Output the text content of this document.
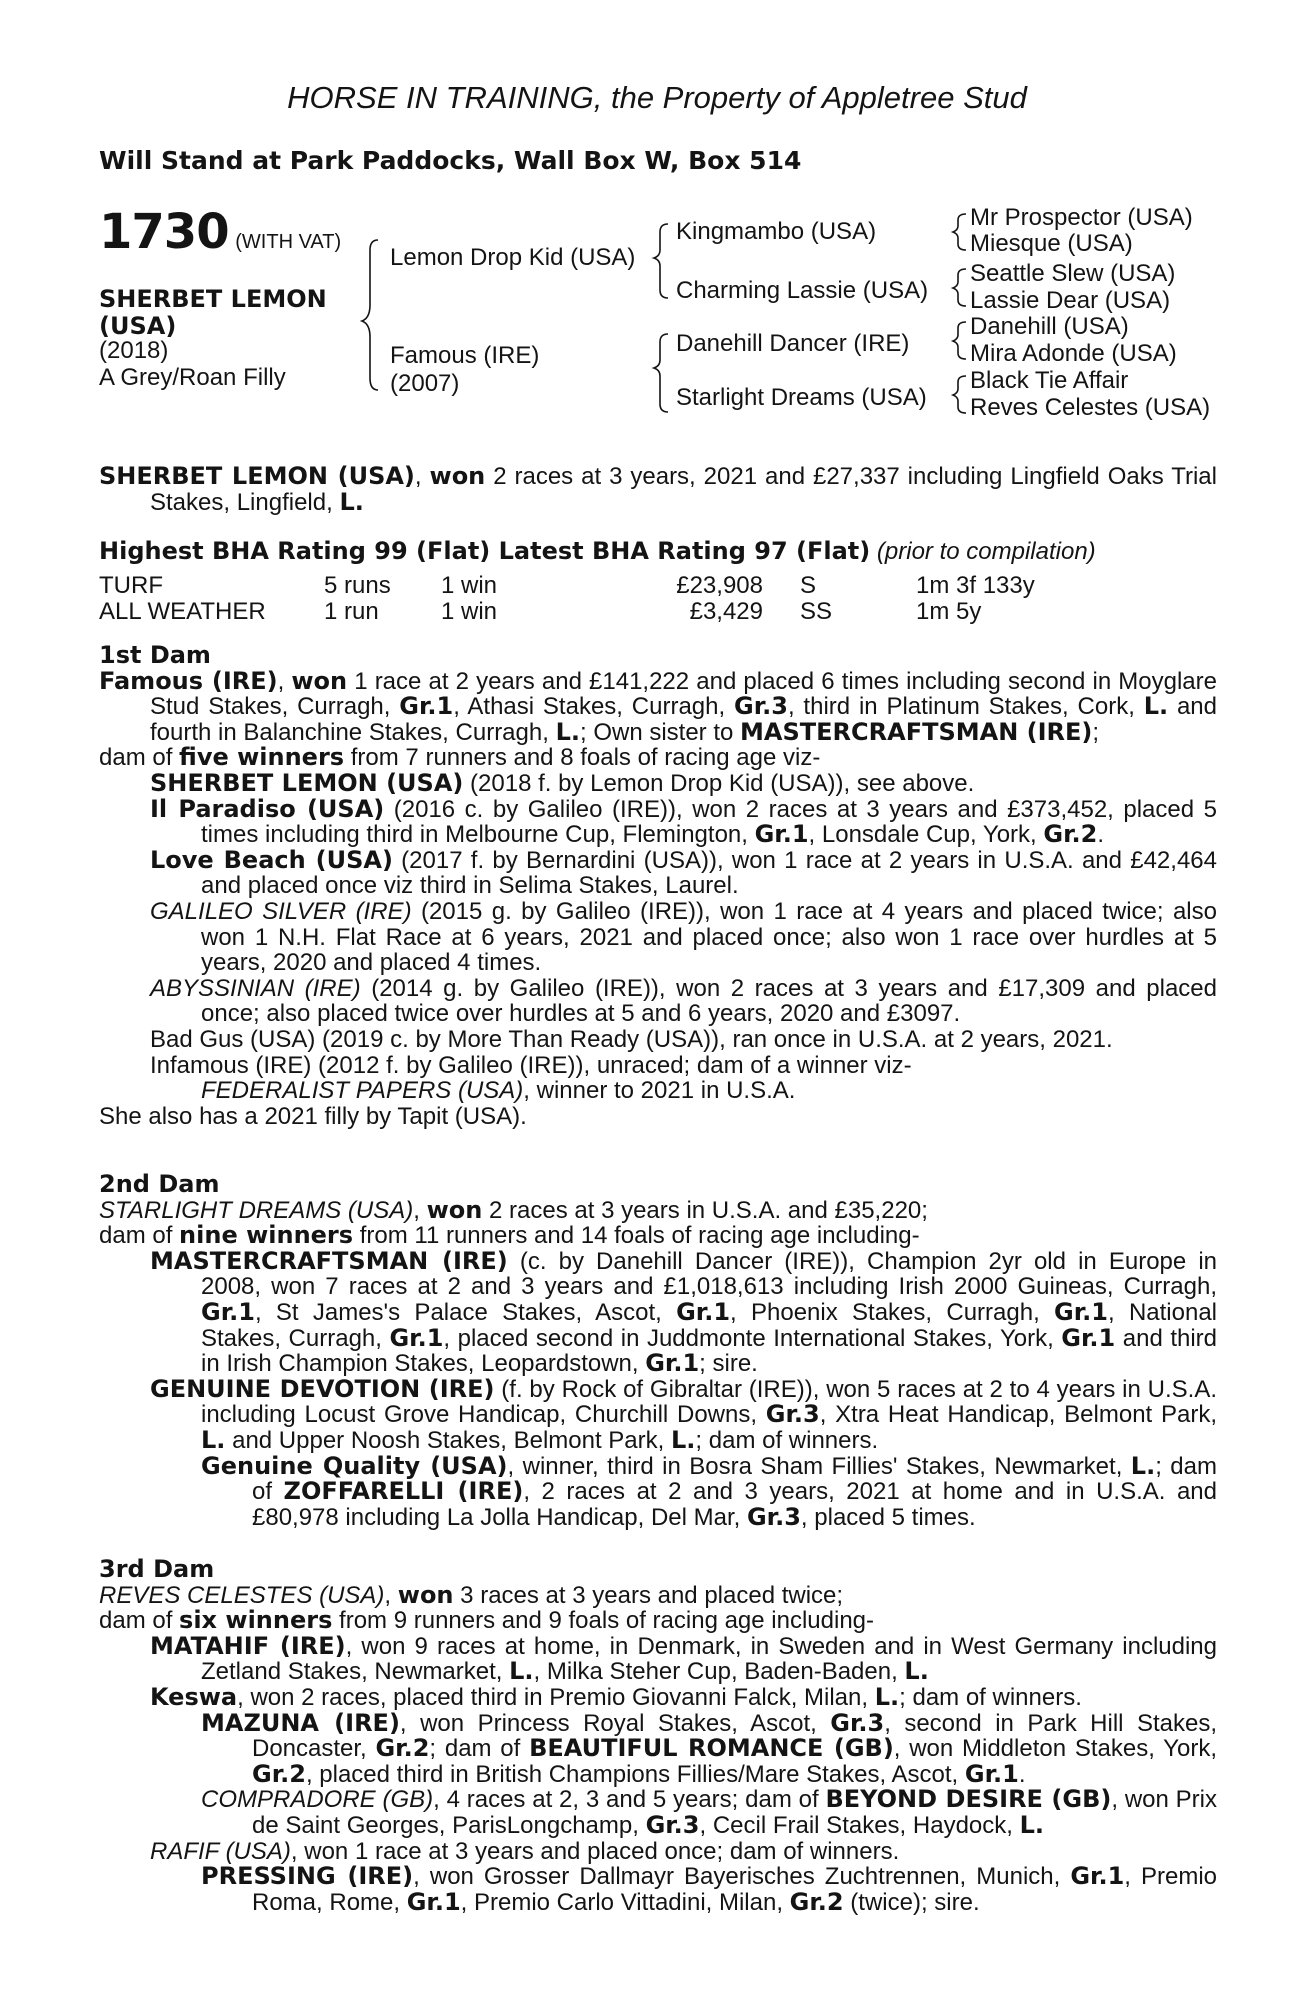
HORSE IN TRAINING, the Property of Appletree Stud
Will Stand at Park Paddocks, Wall Box W, Box 514
1730 (WITH VAT)
SHERBET LEMON
(USA)
(2018)
A Grey/Roan Filly
Lemon Drop Kid (USA)
Famous (IRE)
(2007)
Kingmambo (USA)
Charming Lassie (USA)
Danehill Dancer (IRE)
Starlight Dreams (USA)
Mr Prospector (USA)
Miesque (USA)
Seattle Slew (USA)
Lassie Dear (USA)
Danehill (USA)
Mira Adonde (USA)
Black Tie Affair
Reves Celestes (USA)

SHERBET LEMON (USA), won 2 races at 3 years, 2021 and £27,337 including Lingfield Oaks Trial Stakes, Lingfield, L.

Highest BHA Rating 99 (Flat) Latest BHA Rating 97 (Flat) (prior to compilation)

TURF	5 runs 1 win	£23,908 S	1m 3f 133y
ALL WEATHER 1 run	1 win	£3,429 SS	1m 5y

1st Dam

Famous (IRE), won 1 race at 2 years and £141,222 and placed 6 times including second in Moyglare Stud Stakes, Curragh, Gr.1, Athasi Stakes, Curragh, Gr.3, third in Platinum Stakes, Cork, L. and fourth in Balanchine Stakes, Curragh, L.; Own sister to MASTERCRAFTSMAN (IRE);

dam of five winners from 7 runners and 8 foals of racing age viz-

SHERBET LEMON (USA) (2018 f. by Lemon Drop Kid (USA)), see above.

Il Paradiso (USA) (2016 c. by Galileo (IRE)), won 2 races at 3 years and £373,452, placed 5 times including third in Melbourne Cup, Flemington, Gr.1, Lonsdale Cup, York, Gr.2.

Love Beach (USA) (2017 f. by Bernardini (USA)), won 1 race at 2 years in U.S.A. and £42,464 and placed once viz third in Selima Stakes, Laurel.

GALILEO SILVER (IRE) (2015 g. by Galileo (IRE)), won 1 race at 4 years and placed twice; also won 1 N.H. Flat Race at 6 years, 2021 and placed once; also won 1 race over hurdles at 5 years, 2020 and placed 4 times.

ABYSSINIAN (IRE) (2014 g. by Galileo (IRE)), won 2 races at 3 years and £17,309 and placed once; also placed twice over hurdles at 5 and 6 years, 2020 and £3097.

Bad Gus (USA) (2019 c. by More Than Ready (USA)), ran once in U.S.A. at 2 years, 2021.

Infamous (IRE) (2012 f. by Galileo (IRE)), unraced; dam of a winner viz-

FEDERALIST PAPERS (USA), winner to 2021 in U.S.A.

She also has a 2021 filly by Tapit (USA).

2nd Dam

STARLIGHT DREAMS (USA), won 2 races at 3 years in U.S.A. and £35,220;

dam of nine winners from 11 runners and 14 foals of racing age including-

MASTERCRAFTSMAN (IRE) (c. by Danehill Dancer (IRE)), Champion 2yr old in Europe in 2008, won 7 races at 2 and 3 years and £1,018,613 including Irish 2000 Guineas, Curragh, Gr.1, St James's Palace Stakes, Ascot, Gr.1, Phoenix Stakes, Curragh, Gr.1, National Stakes, Curragh, Gr.1, placed second in Juddmonte International Stakes, York, Gr.1 and third in Irish Champion Stakes, Leopardstown, Gr.1; sire.

GENUINE DEVOTION (IRE) (f. by Rock of Gibraltar (IRE)), won 5 races at 2 to 4 years in U.S.A. including Locust Grove Handicap, Churchill Downs, Gr.3, Xtra Heat Handicap, Belmont Park, L. and Upper Noosh Stakes, Belmont Park, L.; dam of winners.

Genuine Quality (USA), winner, third in Bosra Sham Fillies' Stakes, Newmarket, L.; dam of ZOFFARELLI (IRE), 2 races at 2 and 3 years, 2021 at home and in U.S.A. and £80,978 including La Jolla Handicap, Del Mar, Gr.3, placed 5 times.

3rd Dam

REVES CELESTES (USA), won 3 races at 3 years and placed twice;

dam of six winners from 9 runners and 9 foals of racing age including-

MATAHIF (IRE), won 9 races at home, in Denmark, in Sweden and in West Germany including Zetland Stakes, Newmarket, L., Milka Steher Cup, Baden-Baden, L.

Keswa, won 2 races, placed third in Premio Giovanni Falck, Milan, L.; dam of winners.

MAZUNA (IRE), won Princess Royal Stakes, Ascot, Gr.3, second in Park Hill Stakes, Doncaster, Gr.2; dam of BEAUTIFUL ROMANCE (GB), won Middleton Stakes, York, Gr.2, placed third in British Champions Fillies/Mare Stakes, Ascot, Gr.1.

COMPRADORE (GB), 4 races at 2, 3 and 5 years; dam of BEYOND DESIRE (GB), won Prix de Saint Georges, ParisLongchamp, Gr.3, Cecil Frail Stakes, Haydock, L.

RAFIF (USA), won 1 race at 3 years and placed once; dam of winners.

PRESSING (IRE), won Grosser Dallmayr Bayerisches Zuchtrennen, Munich, Gr.1, Premio Roma, Rome, Gr.1, Premio Carlo Vittadini, Milan, Gr.2 (twice); sire.
